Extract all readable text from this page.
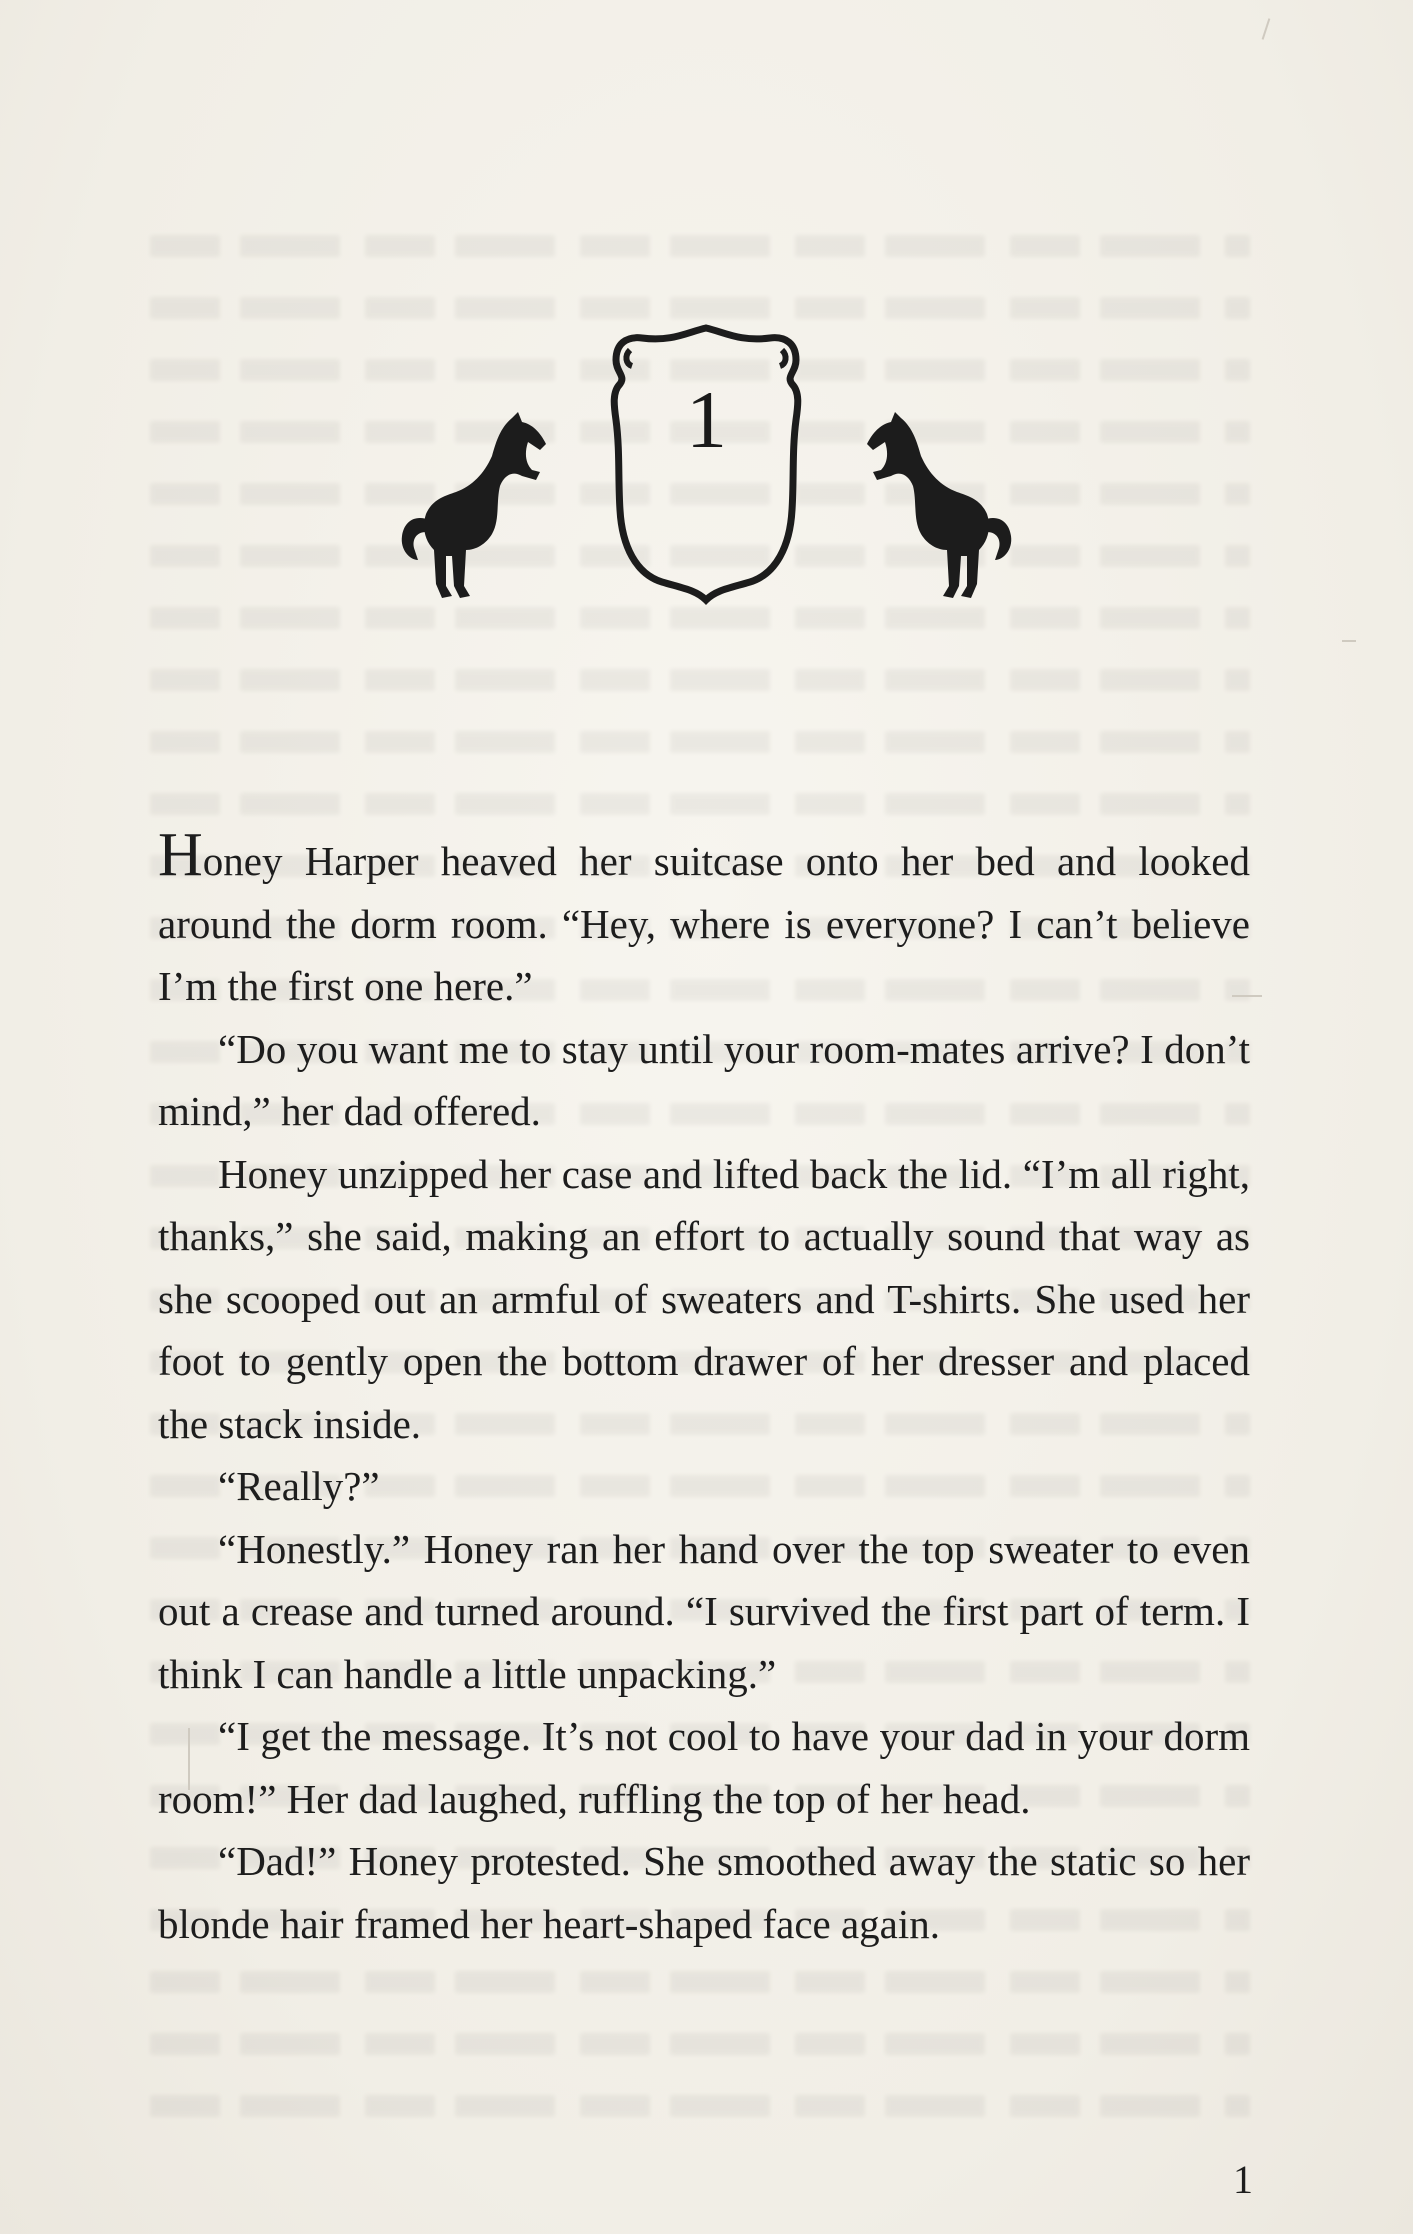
1

Honey Harper heaved her suitcase onto her bed and looked around the dorm room. “Hey, where is everyone? I can’t believe I’m the first one here.”

“Do you want me to stay until your room-mates arrive? I don’t mind,” her dad offered.

Honey unzipped her case and lifted back the lid. “I’m all right, thanks,” she said, making an effort to actually sound that way as she scooped out an armful of sweaters and T-shirts. She used her foot to gently open the bottom drawer of her dresser and placed the stack inside.

“Really?”

“Honestly.” Honey ran her hand over the top sweater to even out a crease and turned around. “I survived the first part of term. I think I can handle a little unpacking.”

“I get the message. It’s not cool to have your dad in your dorm room!” Her dad laughed, ruffling the top of her head.

“Dad!” Honey protested. She smoothed away the static so her blonde hair framed her heart-shaped face again.

1
